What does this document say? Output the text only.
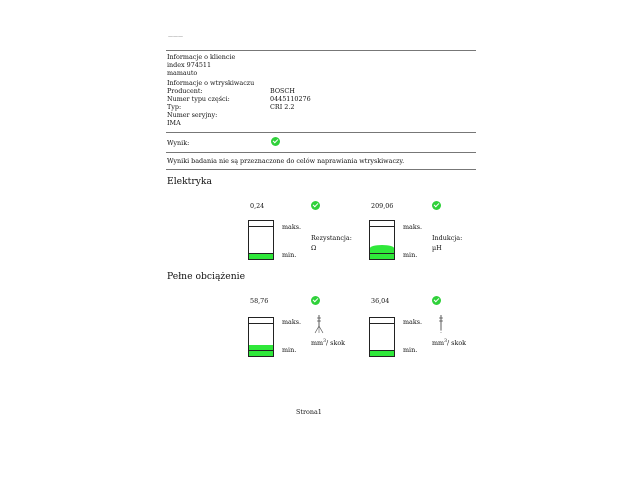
———
Informacje o kliencie
index 974511
mamauto
Informacje o wtryskiwaczu
Producent:	BOSCH
Numer typu części:	0445110276
Typ:	CRI 2.2
Numer seryjny:
IMA
Wynik:
Wyniki badania nie są przeznaczone do celów naprawiania wtryskiwaczy.
Elektryka
0,24
maks.
min.
Rezystancja:
Ω
209,06
maks.
min.
Indukcja:
µH
Pełne obciążenie
58,76
maks.
min.
$mm^3/$ skok
36,04
maks.
min.
$mm^3/$ skok
Strona1
